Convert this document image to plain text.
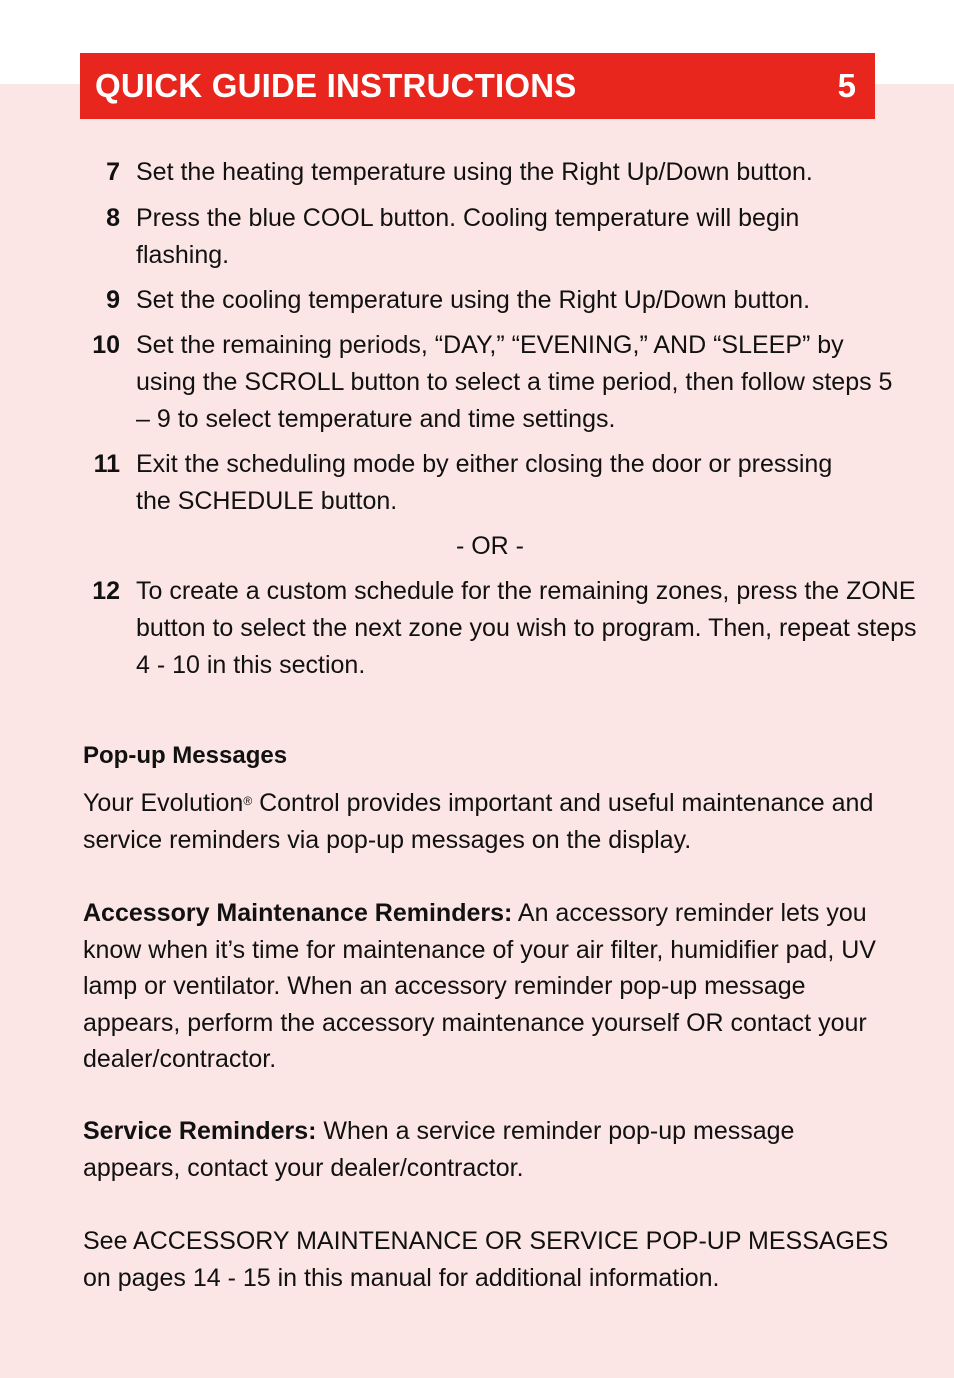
QUICK GUIDE INSTRUCTIONS	5
7 Set the heating temperature using the Right Up/Down button.
8 Press the blue COOL button. Cooling temperature will begin flashing.
9 Set the cooling temperature using the Right Up/Down button.
10 Set the remaining periods, “DAY,” “EVENING,” AND “SLEEP” by using the SCROLL button to select a time period, then follow steps 5 – 9 to select temperature and time settings.
11 Exit the scheduling mode by either closing the door or pressing the SCHEDULE button.
- OR -
12 To create a custom schedule for the remaining zones, press the ZONE button to select the next zone you wish to program. Then, repeat steps 4 - 10 in this section.
Pop-up Messages
Your Evolution® Control provides important and useful maintenance and service reminders via pop-up messages on the display.
Accessory Maintenance Reminders: An accessory reminder lets you know when it’s time for maintenance of your air filter, humidifier pad, UV lamp or ventilator. When an accessory reminder pop-up message appears, perform the accessory maintenance yourself OR contact your dealer/contractor.
Service Reminders: When a service reminder pop-up message appears, contact your dealer/contractor.
See ACCESSORY MAINTENANCE OR SERVICE POP-UP MESSAGES on pages 14 - 15 in this manual for additional information.
